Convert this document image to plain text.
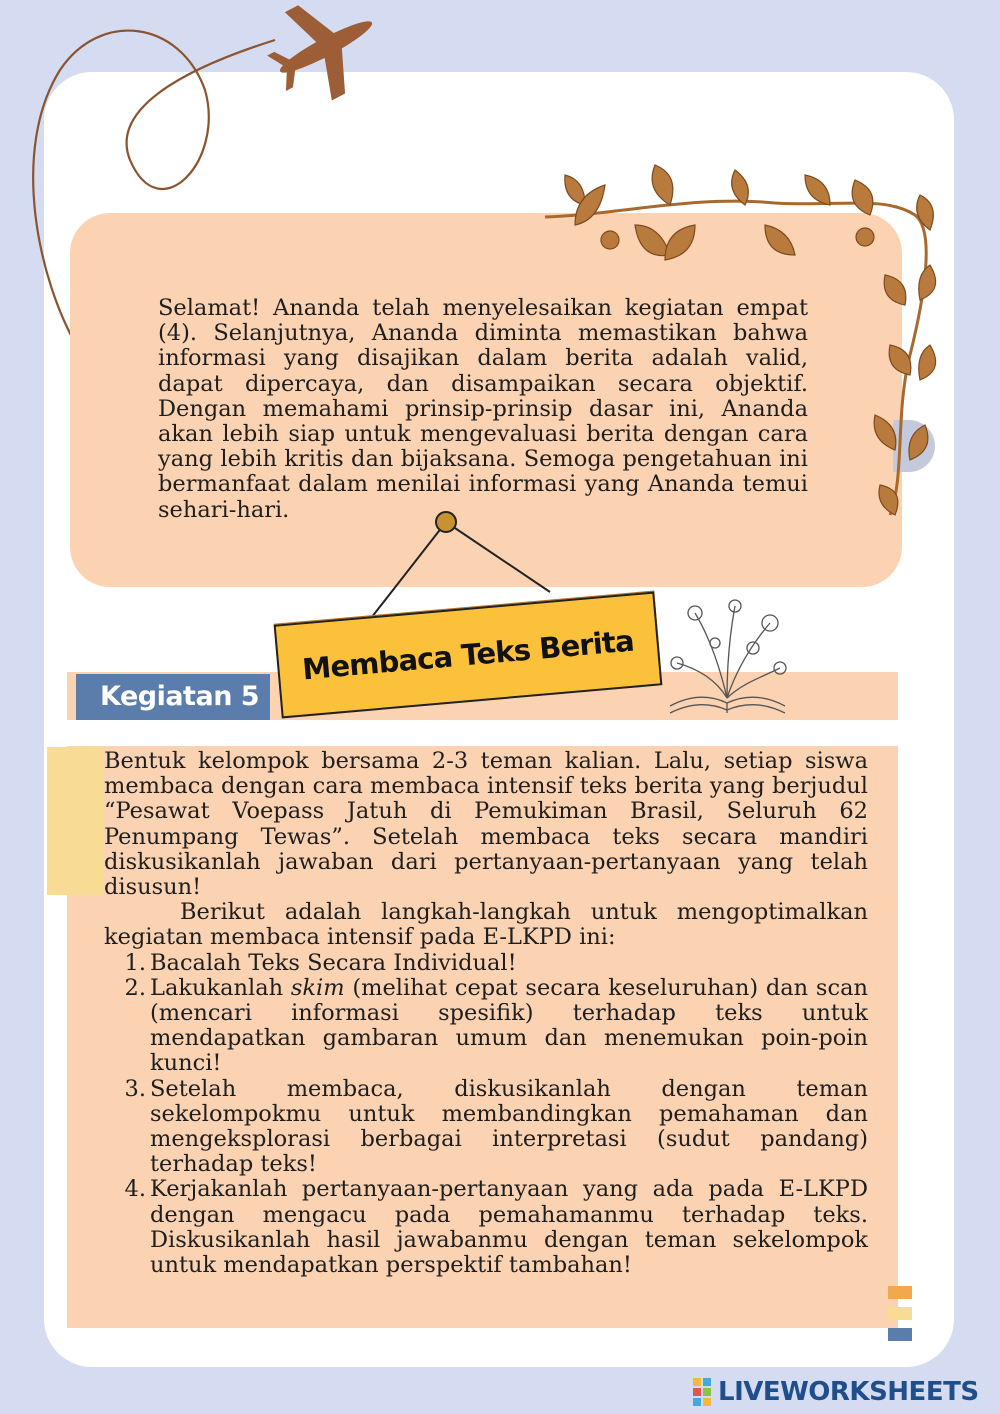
Selamat! Ananda telah menyelesaikan kegiatan empat (4). Selanjutnya, Ananda diminta memastikan bahwa informasi yang disajikan dalam berita adalah valid, dapat dipercaya, dan disampaikan secara objektif. Dengan memahami prinsip-prinsip dasar ini, Ananda akan lebih siap untuk mengevaluasi berita dengan cara yang lebih kritis dan bijaksana. Semoga pengetahuan ini bermanfaat dalam menilai informasi yang Ananda temui sehari-hari.
Kegiatan 5
Membaca Teks Berita

Bentuk kelompok bersama 2-3 teman kalian. Lalu, setiap siswa membaca dengan cara membaca intensif teks berita yang berjudul “Pesawat Voepass Jatuh di Pemukiman Brasil, Seluruh 62 Penumpang Tewas”. Setelah membaca teks secara mandiri diskusikanlah jawaban dari pertanyaan-pertanyaan yang telah disusun!

Berikut adalah langkah-langkah untuk mengoptimalkan kegiatan membaca intensif pada E-LKPD ini:

1. Bacalah Teks Secara Individual!
2. Lakukanlah skim (melihat cepat secara keseluruhan) dan scan (mencari informasi spesifik) terhadap teks untuk mendapatkan gambaran umum dan menemukan poin-poin kunci!
3. Setelah membaca, diskusikanlah dengan teman sekelompokmu untuk membandingkan pemahaman dan mengeksplorasi berbagai interpretasi (sudut pandang) terhadap teks!
4. Kerjakanlah pertanyaan-pertanyaan yang ada pada E-LKPD dengan mengacu pada pemahamanmu terhadap teks. Diskusikanlah hasil jawabanmu dengan teman sekelompok untuk mendapatkan perspektif tambahan!
LIVEWORKSHEETS
